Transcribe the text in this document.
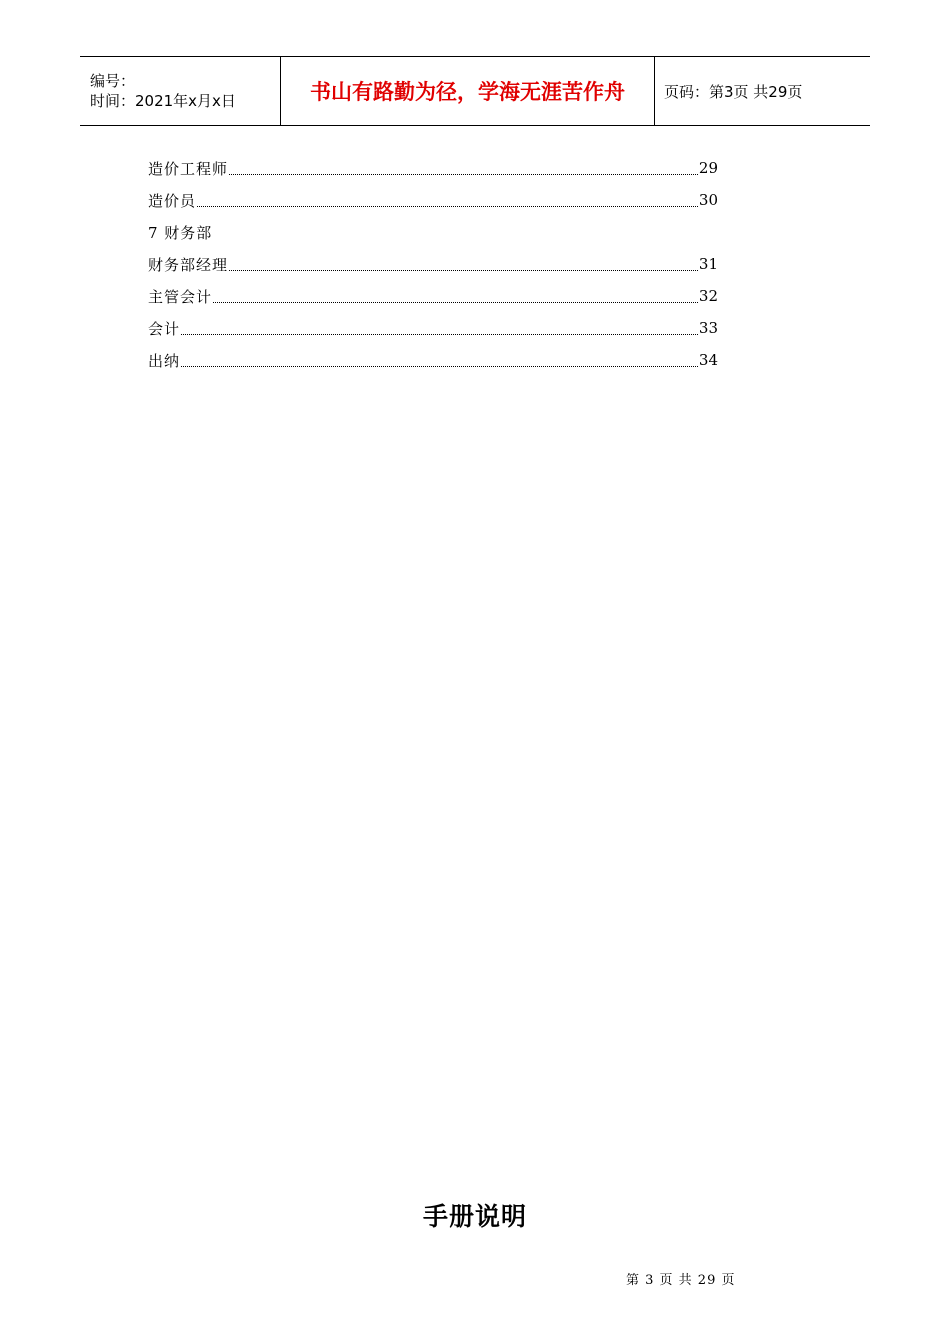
编号：
时间：2021年x月x日	书山有路勤为径，学海无涯苦作舟	页码：第3页 共29页
造价工程师	29
造价员	30
7 财务部
财务部经理	31
主管会计	32
会计	33
出纳	34
手册说明
第 3 页 共 29 页
